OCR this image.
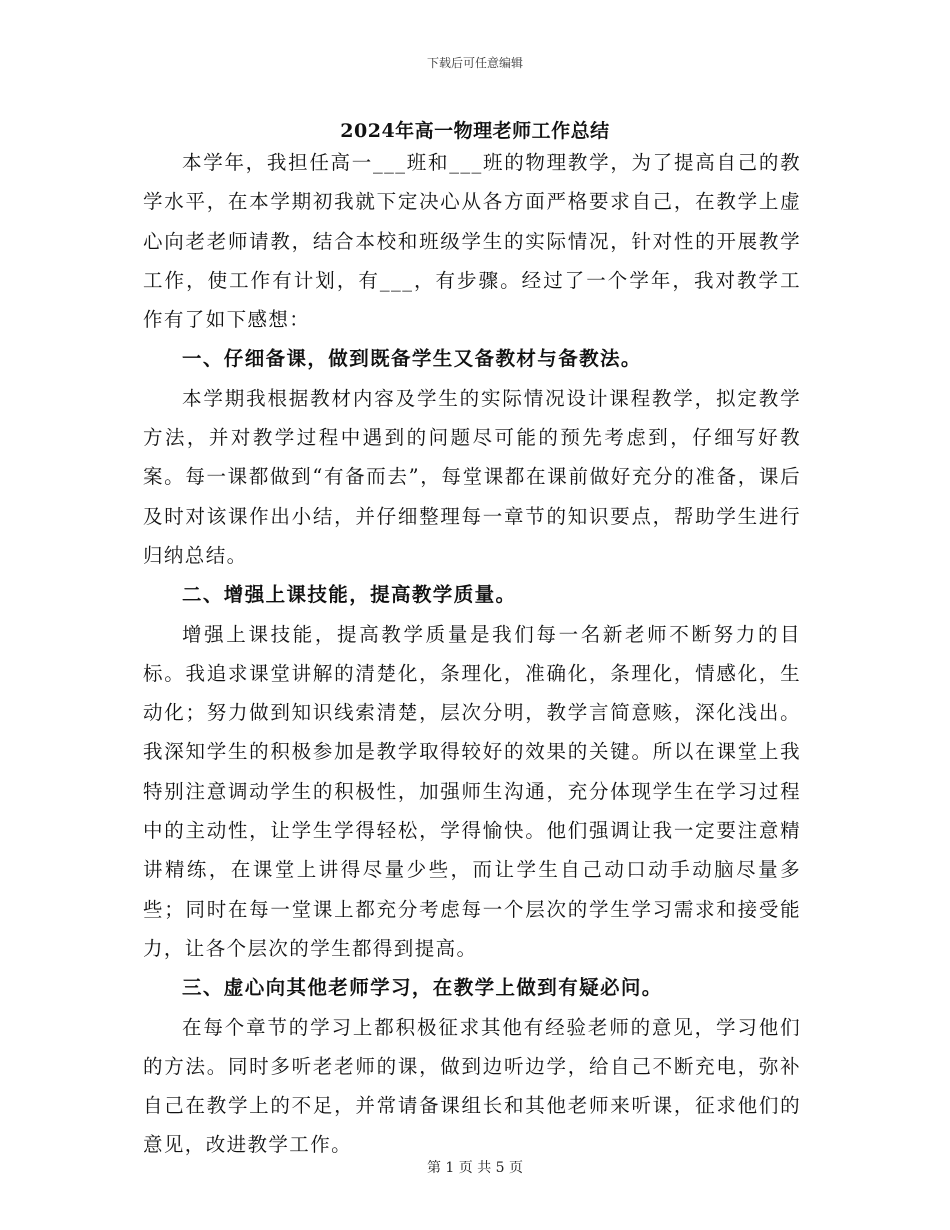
下载后可任意编辑
2024年高一物理老师工作总结

本学年，我担任高一___班和___班的物理教学，为了提高自己的教学水平，在本学期初我就下定决心从各方面严格要求自己，在教学上虚心向老老师请教，结合本校和班级学生的实际情况，针对性的开展教学工作，使工作有计划，有___，有步骤。经过了一个学年，我对教学工作有了如下感想：

一、仔细备课，做到既备学生又备教材与备教法。

本学期我根据教材内容及学生的实际情况设计课程教学，拟定教学方法，并对教学过程中遇到的问题尽可能的预先考虑到，仔细写好教案。每一课都做到“有备而去”，每堂课都在课前做好充分的准备，课后及时对该课作出小结，并仔细整理每一章节的知识要点，帮助学生进行归纳总结。

二、增强上课技能，提高教学质量。

增强上课技能，提高教学质量是我们每一名新老师不断努力的目标。我追求课堂讲解的清楚化，条理化，准确化，条理化，情感化，生动化；努力做到知识线索清楚，层次分明，教学言简意赅，深化浅出。我深知学生的积极参加是教学取得较好的效果的关键。所以在课堂上我特别注意调动学生的积极性，加强师生沟通，充分体现学生在学习过程中的主动性，让学生学得轻松，学得愉快。他们强调让我一定要注意精讲精练，在课堂上讲得尽量少些，而让学生自己动口动手动脑尽量多些；同时在每一堂课上都充分考虑每一个层次的学生学习需求和接受能力，让各个层次的学生都得到提高。

三、虚心向其他老师学习，在教学上做到有疑必问。

在每个章节的学习上都积极征求其他有经验老师的意见，学习他们的方法。同时多听老老师的课，做到边听边学，给自己不断充电，弥补自己在教学上的不足，并常请备课组长和其他老师来听课，征求他们的意见，改进教学工作。

第 1 页 共 5 页
